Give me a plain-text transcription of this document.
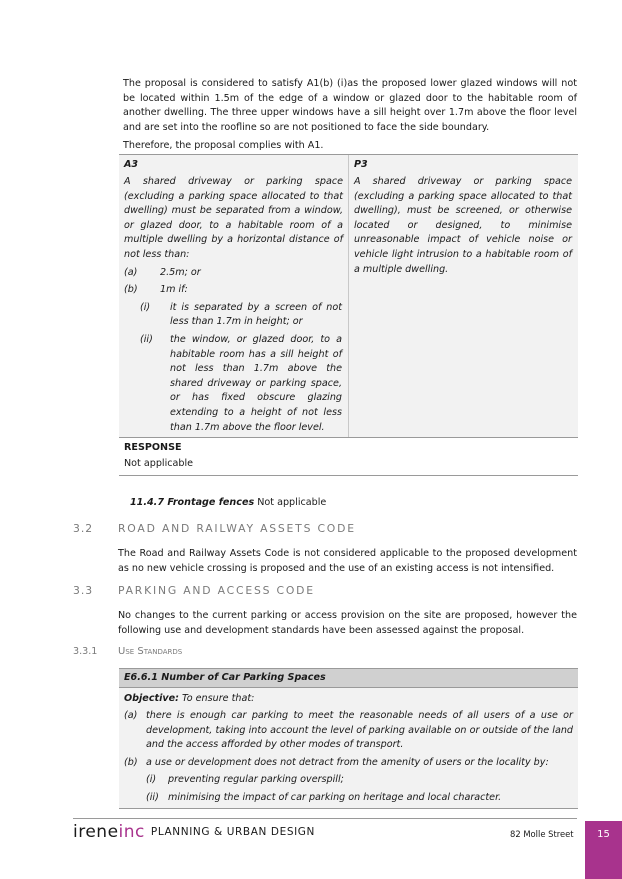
The proposal is considered to satisfy A1(b) (i)as the proposed lower glazed windows will not be located within 1.5m of the edge of a window or glazed door to the habitable room of another dwelling. The three upper windows have a sill height over 1.7m above the floor level and are set into the roofline so are not positioned to face the side boundary.

Therefore, the proposal complies with A1.

A3
A shared driveway or parking space (excluding a parking space allocated to that dwelling) must be separated from a window, or glazed door, to a habitable room of a multiple dwelling by a horizontal distance of not less than:
(a)	2.5m; or
(b)	1m if:
(i)	it is separated by a screen of not less than 1.7m in height; or
(ii)	the window, or glazed door, to a habitable room has a sill height of not less than 1.7m above the shared driveway or parking space, or has fixed obscure glazing extending to a height of not less than 1.7m above the floor level.
P3
A shared driveway or parking space (excluding a parking space allocated to that dwelling), must be screened, or otherwise located or designed, to minimise unreasonable impact of vehicle noise or vehicle light intrusion to a habitable room of a multiple dwelling.
RESPONSE
Not applicable
11.4.7 Frontage fences Not applicable
3.2 ROAD AND RAILWAY ASSETS CODE

The Road and Railway Assets Code is not considered applicable to the proposed development as no new vehicle crossing is proposed and the use of an existing access is not intensified.

3.3 PARKING AND ACCESS CODE

No changes to the current parking or access provision on the site are proposed, however the following use and development standards have been assessed against the proposal.

3.3.1 Use Standards
E6.6.1 Number of Car Parking Spaces
Objective: To ensure that:
(a) there is enough car parking to meet the reasonable needs of all users of a use or development, taking into account the level of parking available on or outside of the land and the access afforded by other modes of transport.
(b) a use or development does not detract from the amenity of users or the locality by:
(i)	preventing regular parking overspill;
(ii) minimising the impact of car parking on heritage and local character.
ireneinc PLANNING & URBAN DESIGN	82 Molle Street	15
